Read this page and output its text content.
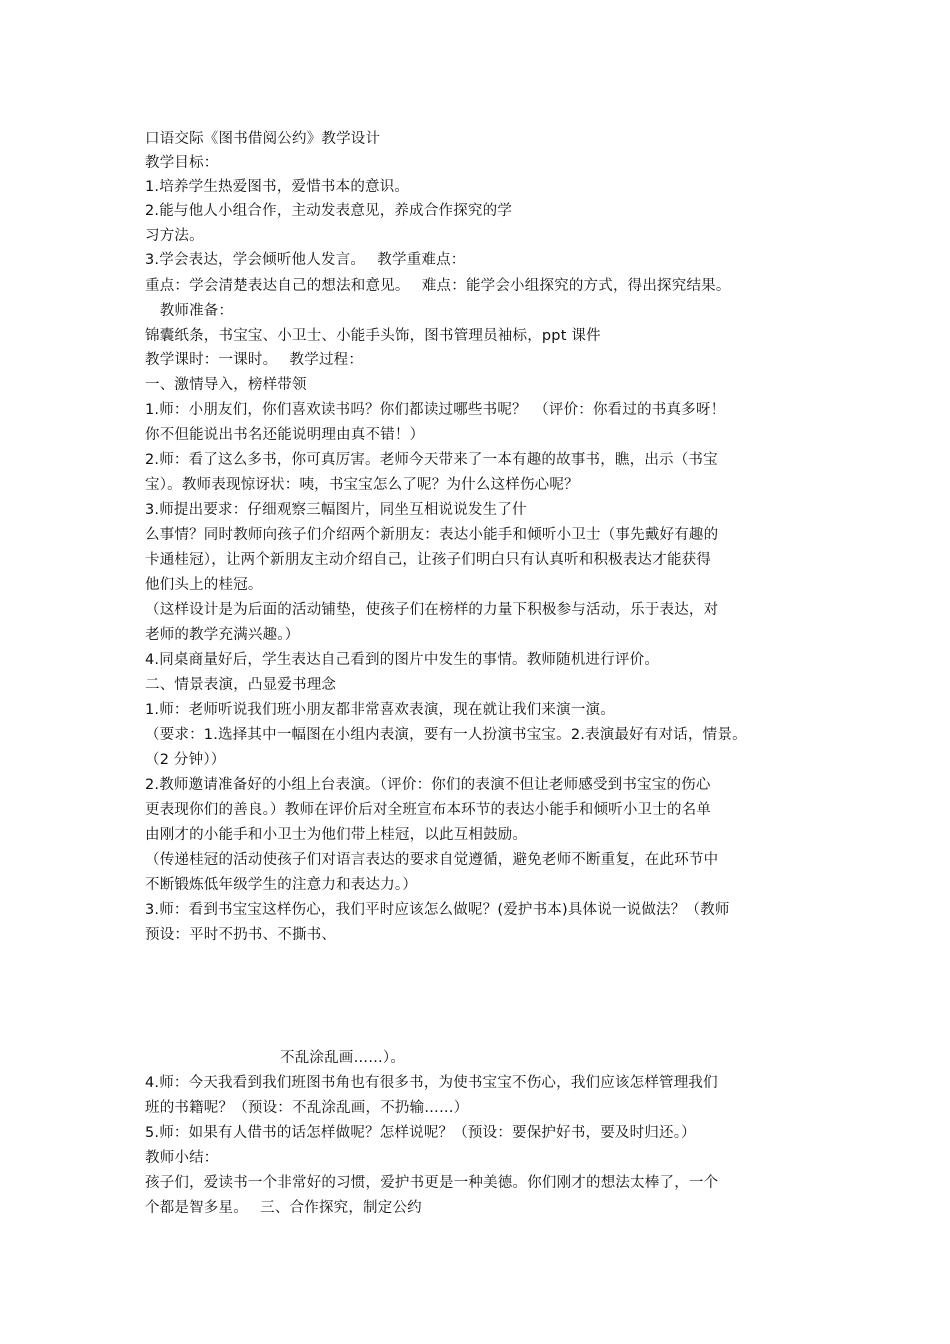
口语交际《图书借阅公约》教学设计
教学目标：
1.培养学生热爱图书，爱惜书本的意识。
2.能与他人小组合作，主动发表意见，养成合作探究的学
习方法。
3.学会表达，学会倾听他人发言。　 教学重难点：
重点：学会清楚表达自己的想法和意见。　 难点：能学会小组探究的方式，得出探究结果。
　教师准备：
锦囊纸条，书宝宝、小卫士、小能手头饰，图书管理员袖标，ppt 课件
教学课时：一课时。　 教学过程：
一、激情导入，榜样带领
1.师：小朋友们，你们喜欢读书吗？你们都读过哪些书呢？　（评价：你看过的书真多呀！
你不但能说出书名还能说明理由真不错！）
2.师：看了这么多书，你可真厉害。老师今天带来了一本有趣的故事书，瞧，出示（书宝
宝）。教师表现惊讶状：咦，书宝宝怎么了呢？为什么这样伤心呢？
3.师提出要求：仔细观察三幅图片，同坐互相说说发生了什
么事情？同时教师向孩子们介绍两个新朋友：表达小能手和倾听小卫士（事先戴好有趣的
卡通桂冠），让两个新朋友主动介绍自己，让孩子们明白只有认真听和积极表达才能获得
他们头上的桂冠。
（这样设计是为后面的活动铺垫，使孩子们在榜样的力量下积极参与活动，乐于表达，对
老师的教学充满兴趣。）
4.同桌商量好后，学生表达自己看到的图片中发生的事情。教师随机进行评价。
二、情景表演，凸显爱书理念
1.师：老师听说我们班小朋友都非常喜欢表演，现在就让我们来演一演。
（要求：1.选择其中一幅图在小组内表演，要有一人扮演书宝宝。2.表演最好有对话，情景。
（2 分钟））
2.教师邀请准备好的小组上台表演。（评价：你们的表演不但让老师感受到书宝宝的伤心
更表现你们的善良。）教师在评价后对全班宣布本环节的表达小能手和倾听小卫士的名单
由刚才的小能手和小卫士为他们带上桂冠，以此互相鼓励。
（传递桂冠的活动使孩子们对语言表达的要求自觉遵循，避免老师不断重复，在此环节中
不断锻炼低年级学生的注意力和表达力。）
3.师：看到书宝宝这样伤心，我们平时应该怎么做呢？(爱护书本)具体说一说做法？（教师
预设：平时不扔书、不撕书、
不乱涂乱画……）。
4.师：今天我看到我们班图书角也有很多书，为使书宝宝不伤心，我们应该怎样管理我们
班的书籍呢？（预设：不乱涂乱画，不扔输……）
5.师：如果有人借书的话怎样做呢？怎样说呢？（预设：要保护好书，要及时归还。）
教师小结：
孩子们，爱读书一个非常好的习惯，爱护书更是一种美德。你们刚才的想法太棒了，一个
个都是智多星。　 三、合作探究，制定公约
